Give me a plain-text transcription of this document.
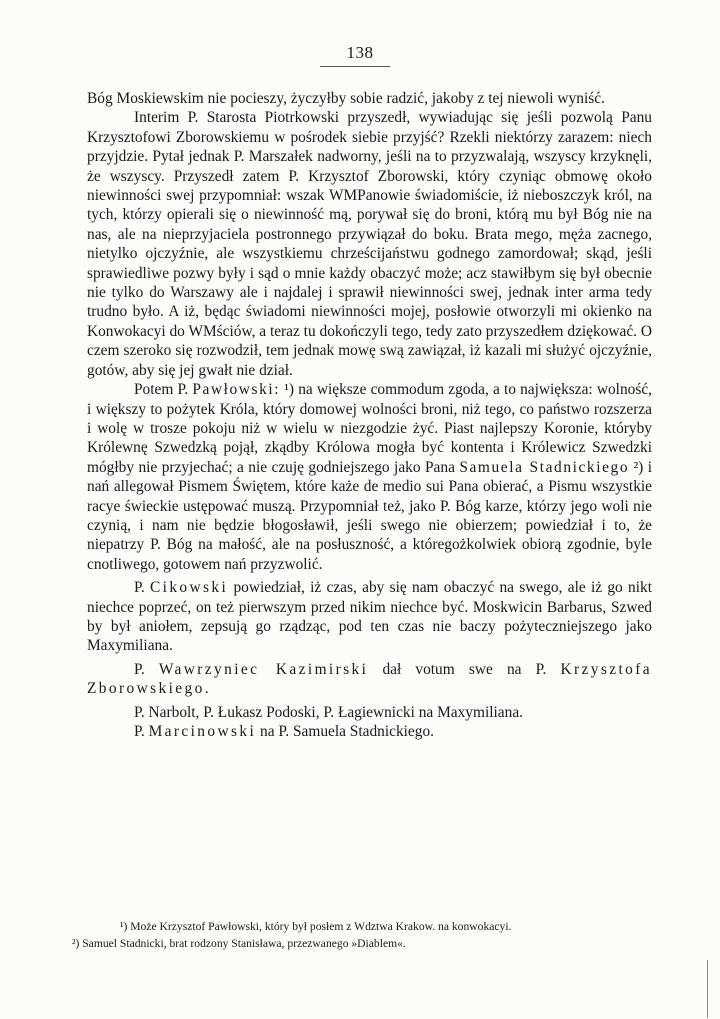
138

Bóg Moskiewskim nie pocieszy, życzyłby sobie radzić, jakoby z tej niewoli wyniść.

Interim P. Starosta Piotrkowski przyszedł, wywiadując się jeśli pozwolą Panu Krzysztofowi Zborowskiemu w pośrodek siebie przyjść? Rzekli niektórzy zarazem: niech przyjdzie. Pytał jednak P. Marszałek nadworny, jeśli na to przyzwalają, wszyscy krzyknęli, że wszyscy. Przyszedł zatem P. Krzysztof Zborowski, który czyniąc obmowę około niewinności swej przypomniał: wszak WMPanowie świadomiście, iż nieboszczyk król, na tych, którzy opierali się o niewinność mą, porywał się do broni, którą mu był Bóg nie na nas, ale na nieprzyjaciela postronnego przywiązał do boku. Brata mego, męża zacnego, nietylko ojczyźnie, ale wszystkiemu chrześcijaństwu godnego zamordował; skąd, jeśli sprawiedliwe pozwy były i sąd o mnie każdy obaczyć może; acz stawiłbym się był obecnie nie tylko do Warszawy ale i najdalej i sprawił niewinności swej, jednak inter arma tedy trudno było. A iż, będąc świadomi niewinności mojej, posłowie otworzyli mi okienko na Konwokacyi do WMściów, a teraz tu dokończyli tego, tedy zato przyszedłem dziękować. O czem szeroko się rozwodził, tem jednak mowę swą zawiązał, iż kazali mi służyć ojczyźnie, gotów, aby się jej gwałt nie dział.

Potem P. Pawłowski: ¹) na większe commodum zgoda, a to największa: wolność, i większy to pożytek Króla, który domowej wolności broni, niż tego, co państwo rozszerza i wolę w trosze pokoju niż w wielu w niezgodzie żyć. Piast najlepszy Koronie, któryby Królewnę Szwedzką pojął, zkądby Królowa mogła być kontenta i Królewicz Szwedzki mógłby nie przyjechać; a nie czuję godniejszego jako Pana Samuela Stadnickiego ²) i nań allegował Pismem Świętem, które każe de medio sui Pana obierać, a Pismu wszystkie racye świeckie ustępować muszą. Przypomniał też, jako P. Bóg karze, którzy jego woli nie czynią, i nam nie będzie błogosławił, jeśli swego nie obierzem; powiedział i to, że niepatrzy P. Bóg na małość, ale na posłuszność, a któregożkolwiek obiorą zgodnie, byle cnotliwego, gotowem nań przyzwolić.

P. Cikowski powiedział, iż czas, aby się nam obaczyć na swego, ale iż go nikt niechce poprzeć, on też pierwszym przed nikim niechce być. Moskwicin Barbarus, Szwed by był aniołem, zepsują go rządząc, pod ten czas nie baczy pożyteczniejszego jako Maxymiliana.

P. Wawrzyniec Kazimirski dał votum swe na P. Krzysztofa Zborowskiego.

P. Narbolt, P. Łukasz Podoski, P. Łagiewnicki na Maxymiliana.

P. Marcinowski na P. Samuela Stadnickiego.

¹) Może Krzysztof Pawłowski, który był posłem z Wdztwa Krakow. na konwokacyi.

²) Samuel Stadnicki, brat rodzony Stanisława, przezwanego »Diablem«.
